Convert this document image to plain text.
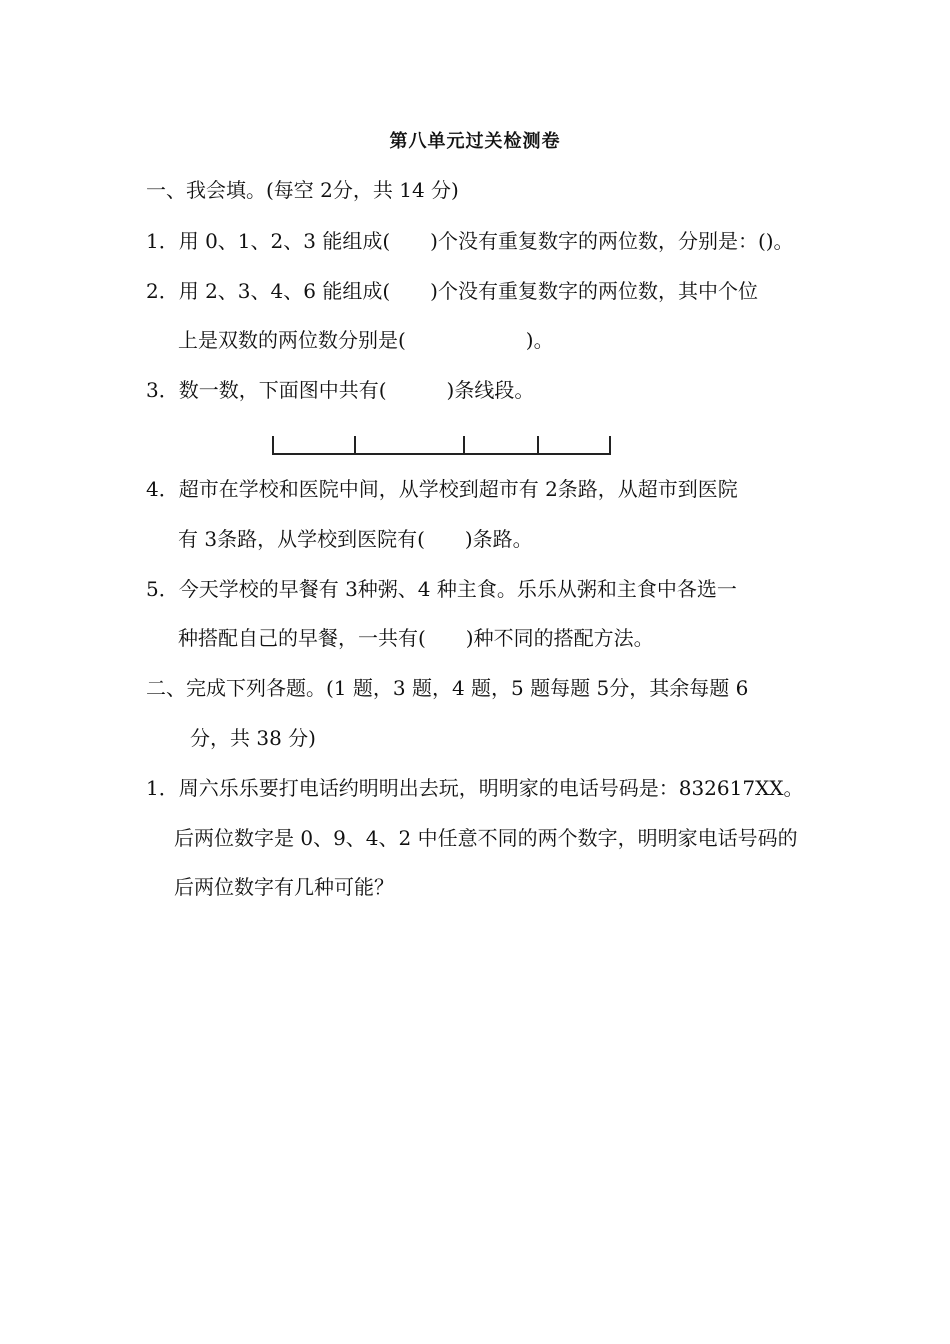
第八单元过关检测卷
一、我会填。(每空 2分，共 14 分)
1．用 0、1、2、3 能组成(　　)个没有重复数字的两位数，分别是：()。
2．用 2、3、4、6 能组成(　　)个没有重复数字的两位数，其中个位
上是双数的两位数分别是(　　　　　　)。
3．数一数，下面图中共有(　　　)条线段。
4．超市在学校和医院中间，从学校到超市有 2条路，从超市到医院
有 3条路，从学校到医院有(　　)条路。
5．今天学校的早餐有 3种粥、4 种主食。乐乐从粥和主食中各选一
种搭配自己的早餐，一共有(　　)种不同的搭配方法。
二、完成下列各题。(1 题，3 题，4 题，5 题每题 5分，其余每题 6
分，共 38 分)
1．周六乐乐要打电话约明明出去玩，明明家的电话号码是：832617XX。
后两位数字是 0、9、4、2 中任意不同的两个数字，明明家电话号码的
后两位数字有几种可能？
